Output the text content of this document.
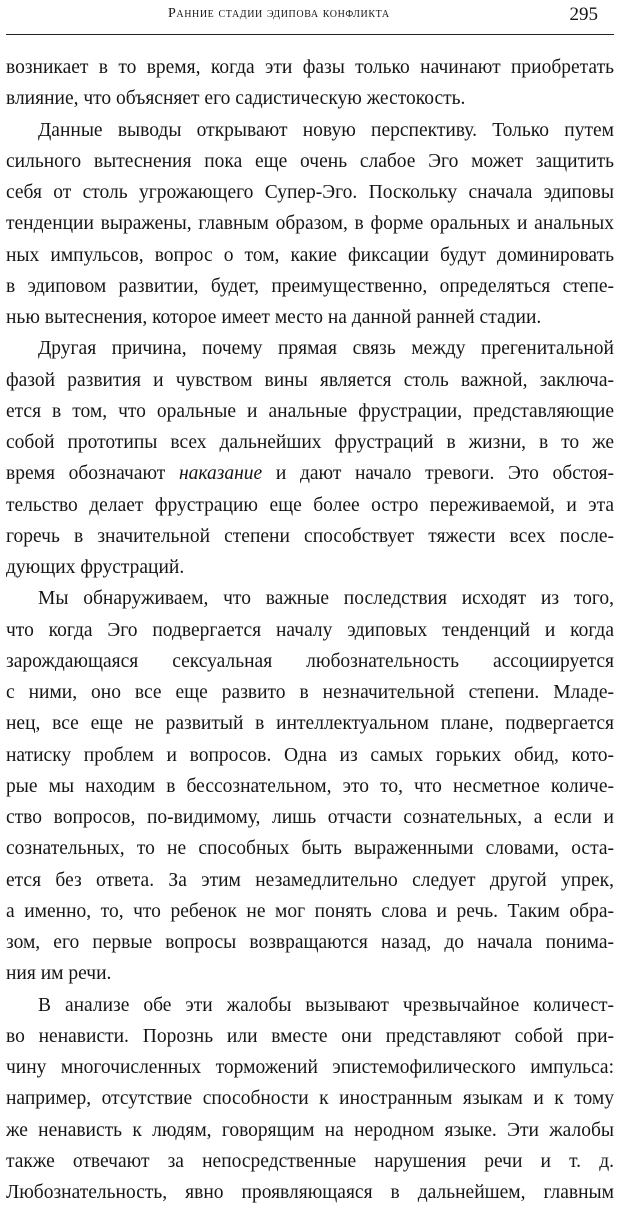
Ранние стадии эдипова конфликта	295
возникает в то время, когда эти фазы только начинают приобретать
влияние, что объясняет его садистическую жестокость.
Данные выводы открывают новую перспективу. Только путем
сильного вытеснения пока еще очень слабое Эго может защитить
себя от столь угрожающего Супер-Эго. Поскольку сначала эдиповы
тенденции выражены, главным образом, в форме оральных и анальных
ных импульсов, вопрос о том, какие фиксации будут доминировать
в эдиповом развитии, будет, преимущественно, определяться степе-
нью вытеснения, которое имеет место на данной ранней стадии.
Другая причина, почему прямая связь между прегенитальной
фазой развития и чувством вины является столь важной, заключа-
ется в том, что оральные и анальные фрустрации, представляющие
собой прототипы всех дальнейших фрустраций в жизни, в то же
время обозначают наказание и дают начало тревоги. Это обстоя-
тельство делает фрустрацию еще более остро переживаемой, и эта
горечь в значительной степени способствует тяжести всех после-
дующих фрустраций.
Мы обнаруживаем, что важные последствия исходят из того,
что когда Эго подвергается началу эдиповых тенденций и когда
зарождающаяся сексуальная любознательность ассоциируется
с ними, оно все еще развито в незначительной степени. Младе-
нец, все еще не развитый в интеллектуальном плане, подвергается
натиску проблем и вопросов. Одна из самых горьких обид, кото-
рые мы находим в бессознательном, это то, что несметное количе-
ство вопросов, по-видимому, лишь отчасти сознательных, а если и
сознательных, то не способных быть выраженными словами, оста-
ется без ответа. За этим незамедлительно следует другой упрек,
а именно, то, что ребенок не мог понять слова и речь. Таким обра-
зом, его первые вопросы возвращаются назад, до начала понима-
ния им речи.
В анализе обе эти жалобы вызывают чрезвычайное количест-
во ненависти. Порознь или вместе они представляют собой при-
чину многочисленных торможений эпистемофилического импульса:
например, отсутствие способности к иностранным языкам и к тому
же ненависть к людям, говорящим на неродном языке. Эти жалобы
также отвечают за непосредственные нарушения речи и т. д.
Любознательность, явно проявляющаяся в дальнейшем, главным
